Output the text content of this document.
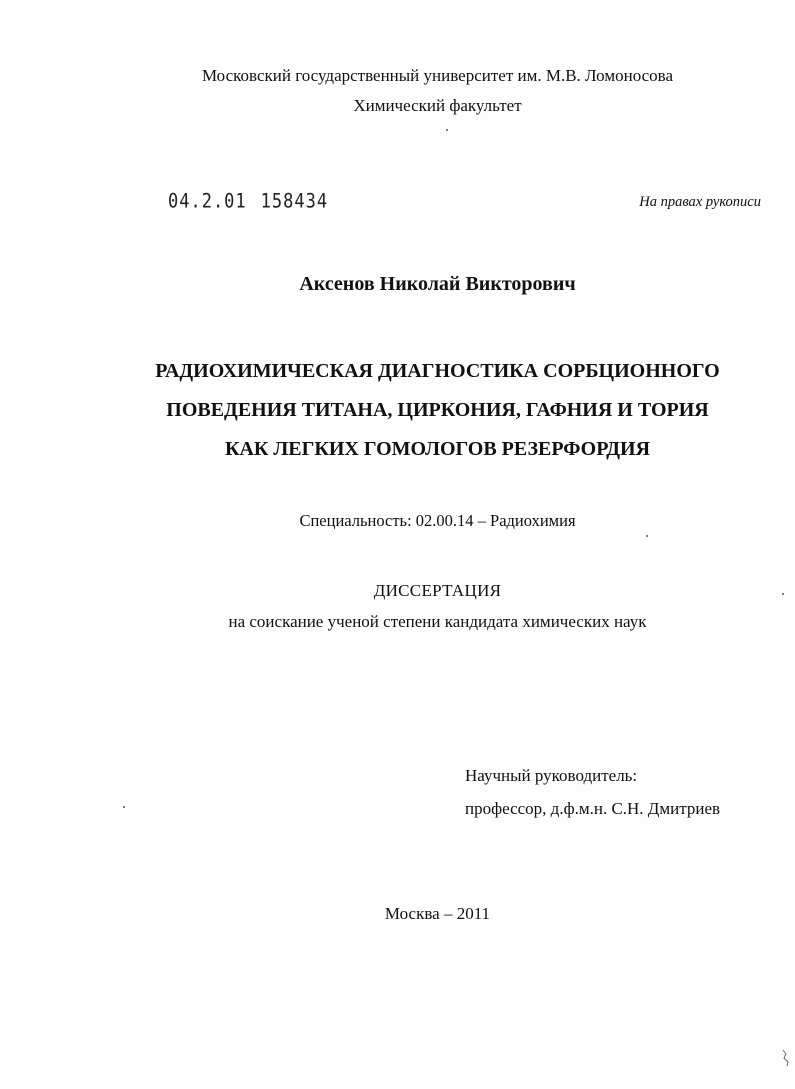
Московский государственный университет им. М.В. Ломоносова
Химический факультет
04.2.01 158434	На правах рукописи
Аксенов Николай Викторович
РАДИОХИМИЧЕСКАЯ ДИАГНОСТИКА СОРБЦИОННОГО
ПОВЕДЕНИЯ ТИТАНА, ЦИРКОНИЯ, ГАФНИЯ И ТОРИЯ
КАК ЛЕГКИХ ГОМОЛОГОВ РЕЗЕРФОРДИЯ
Специальность: 02.00.14 – Радиохимия
ДИССЕРТАЦИЯ
на соискание ученой степени кандидата химических наук
Научный руководитель:
профессор, д.ф.м.н. С.Н. Дмитриев
Москва – 2011
